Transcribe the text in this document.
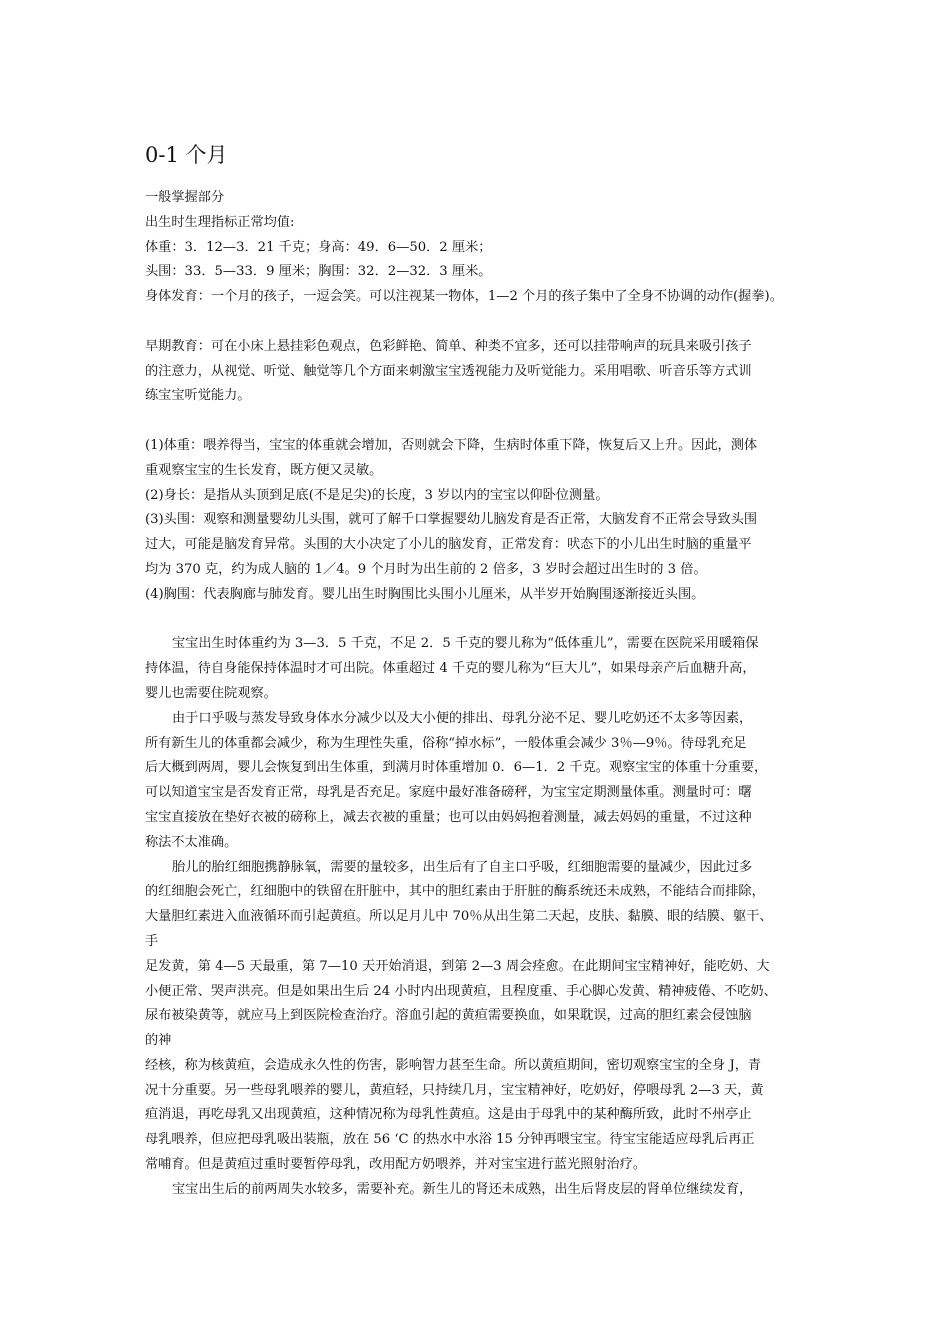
0-1 个月

一般掌握部分

出生时生理指标正常均值:

体重：3．12—3．21 千克；身高：49．6—50．2 厘米；

头围：33．5—33．9 厘米；胸围：32．2—32．3 厘米。

身体发育：一个月的孩子，一逗会笑。可以注视某一物体，1—2 个月的孩子集中了全身不协调的动作(握拳)。

早期教育：可在小床上悬挂彩色观点，色彩鲜艳、简单、种类不宜多，还可以挂带响声的玩具来吸引孩子

的注意力，从视觉、听觉、触觉等几个方面来刺激宝宝透视能力及听觉能力。采用唱歌、听音乐等方式训

练宝宝听觉能力。

(1)体重：喂养得当，宝宝的体重就会增加，否则就会下降，生病时体重下降，恢复后又上升。因此，测体

重观察宝宝的生长发育，既方便又灵敏。

(2)身长：是指从头顶到足底(不是足尖)的长度，3 岁以内的宝宝以仰卧位测量。

(3)头围：观察和测量婴幼儿头围，就可了解千口掌握婴幼儿脑发育是否正常，大脑发育不正常会导致头围

过大，可能是脑发育异常。头围的大小决定了小儿的脑发育，正常发育：吠态下的小儿出生时脑的重量平

均为 370 克，约为成人脑的 1／4。9 个月时为出生前的 2 倍多，3 岁时会超过出生时的 3 倍。

(4)胸围：代表胸廊与肺发育。婴儿出生时胸围比头围小儿厘米，从半岁开始胸围逐渐接近头围。

宝宝出生时体重约为 3—3．5 千克，不足 2．5 千克的婴儿称为“低体重儿”，需要在医院采用暖箱保

持体温，待自身能保持体温时才可出院。体重超过 4 千克的婴儿称为“巨大儿”，如果母亲产后血糖升高，

婴儿也需要住院观察。

由于口乎吸与蒸发导致身体水分减少以及大小便的排出、母乳分泌不足、婴儿吃奶还不太多等因素，

所有新生儿的体重都会减少，称为生理性失重，俗称“掉水标”，一般体重会减少 3％—9％。待母乳充足

后大概到两周，婴儿会恢复到出生体重，到满月时体重增加 0．6—1．2 千克。观察宝宝的体重十分重要，

可以知道宝宝是否发育正常，母乳是否充足。家庭中最好准备磅秤，为宝宝定期测量体重。测量时可：曙

宝宝直接放在垫好衣被的磅称上，减去衣被的重量；也可以由妈妈抱着测量，减去妈妈的重量，不过这种

称法不太准确。

胎儿的胎红细胞携静脉氧，需要的量较多，出生后有了自主口乎吸，红细胞需要的量减少，因此过多

的红细胞会死亡，红细胞中的铁留在肝脏中，其中的胆红素由于肝脏的酶系统还未成熟，不能结合而排除，

大量胆红素进入血液循环而引起黄疸。所以足月儿中 70％从出生第二天起，皮肤、黏膜、眼的结膜、躯干、

手

足发黄，第 4—5 天最重，第 7—10 天开始消退，到第 2—3 周会痊愈。在此期间宝宝精神好，能吃奶、大

小便正常、哭声洪亮。但是如果出生后 24 小时内出现黄疸，且程度重、手心脚心发黄、精神疲倦、不吃奶、

尿布被染黄等，就应马上到医院检查治疗。溶血引起的黄疸需要换血，如果耽误，过高的胆红素会侵蚀脑

的神

经核，称为核黄疸，会造成永久性的伤害，影响智力甚至生命。所以黄疸期间，密切观察宝宝的全身 J，青

况十分重要。另一些母乳喂养的婴儿，黄疸轻，只持续几月，宝宝精神好，吃奶好，停喂母乳 2—3 天，黄

疸消退，再吃母乳又出现黄疸，这种情况称为母乳性黄疸。这是由于母乳中的某种酶所致，此时不州亭止

母乳喂养，但应把母乳吸出装瓶，放在 56 ‘C 的热水中水浴 15 分钟再喂宝宝。待宝宝能适应母乳后再正

常哺育。但是黄疸过重时要暂停母乳，改用配方奶喂养，并对宝宝进行蓝光照射治疗。

宝宝出生后的前两周失水较多，需要补充。新生儿的肾还未成熟，出生后肾皮层的肾单位继续发育，
